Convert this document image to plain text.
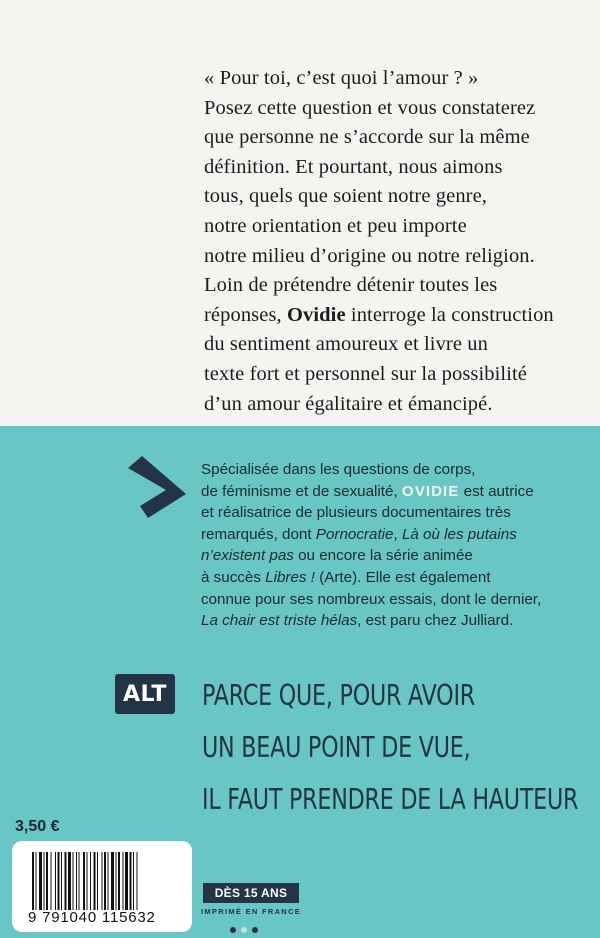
« Pour toi, c’est quoi l’amour ? »
Posez cette question et vous constaterez
que personne ne s’accorde sur la même
définition. Et pourtant, nous aimons
tous, quels que soient notre genre,
notre orientation et peu importe
notre milieu d’origine ou notre religion.
Loin de prétendre détenir toutes les
réponses, Ovidie interroge la construction
du sentiment amoureux et livre un
texte fort et personnel sur la possibilité
d’un amour égalitaire et émancipé.
Spécialisée dans les questions de corps,
de féminisme et de sexualité, OVIDIE est autrice
et réalisatrice de plusieurs documentaires très
remarqués, dont Pornocratie, Là où les putains
n’existent pas ou encore la série animée
à succès Libres ! (Arte). Elle est également
connue pour ses nombreux essais, dont le dernier,
La chair est triste hélas, est paru chez Julliard.
ALT PARCE QUE, POUR AVOIR
UN BEAU POINT DE VUE,
IL FAUT PRENDRE DE LA HAUTEUR
3,50 €
9 791040 115632
DÈS 15 ANS
IMPRIMÉ EN FRANCE
